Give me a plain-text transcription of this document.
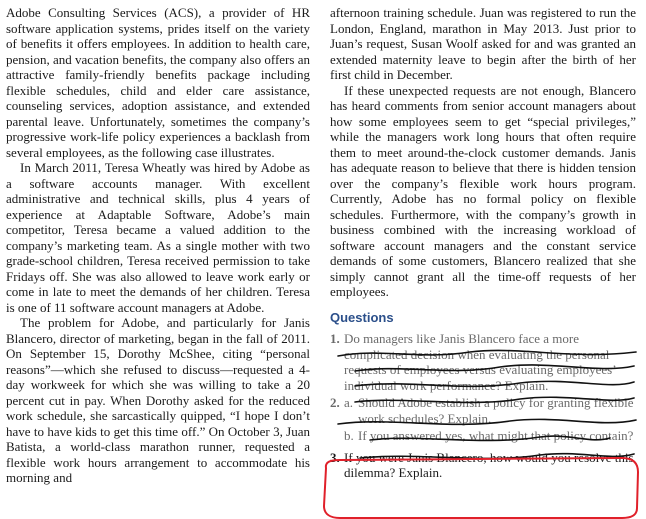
Adobe Consulting Services (ACS), a provider of HR software application systems, prides itself on the variety of benefits it offers employees. In addition to health care, pension, and vacation benefits, the company also offers an attractive family-friendly benefits package including flexible schedules, child and elder care assistance, counseling services, adoption assistance, and extended parental leave. Unfortunately, sometimes the company’s progressive work-life policy experiences a backlash from several employees, as the following case illustrates.

In March 2011, Teresa Wheatly was hired by Adobe as a software accounts manager. With excellent administrative and technical skills, plus 4 years of experience at Adaptable Software, Adobe’s main competitor, Teresa became a valued addition to the company’s marketing team. As a single mother with two grade-school children, Teresa received permission to take Fridays off. She was also allowed to leave work early or come in late to meet the demands of her children. Teresa is one of 11 software account managers at Adobe.

The problem for Adobe, and particularly for Janis Blancero, director of marketing, began in the fall of 2011. On September 15, Dorothy McShee, citing “personal reasons”—which she refused to discuss—requested a 4-day workweek for which she was willing to take a 20 percent cut in pay. When Dorothy asked for the reduced work schedule, she sarcastically quipped, “I hope I don’t have to have kids to get this time off.” On October 3, Juan Batista, a world-class marathon runner, requested a flexible work hours arrangement to accommodate his morning and

afternoon training schedule. Juan was registered to run the London, England, marathon in May 2013. Just prior to Juan’s request, Susan Woolf asked for and was granted an extended maternity leave to begin after the birth of her first child in December.

If these unexpected requests are not enough, Blancero has heard comments from senior account managers about how some employees seem to get “special privileges,” while the managers work long hours that often require them to meet around-the-clock customer demands. Janis has adequate reason to believe that there is hidden tension over the company’s flexible work hours program. Currently, Adobe has no formal policy on flexible schedules. Furthermore, with the company’s growth in business combined with the increasing workload of software account managers and the constant service demands of some customers, Blancero realized that she simply cannot grant all the time-off requests of her employees.

Questions

1. Do managers like Janis Blancero face a more complicated decision when evaluating the personal requests of employees versus evaluating employees’ individual work performance? Explain.
2. a. Should Adobe establish a policy for granting flexible work schedules? Explain.
b. If you answered yes, what might that policy contain?
3. If you were Janis Blancero, how would you resolve this dilemma? Explain.
